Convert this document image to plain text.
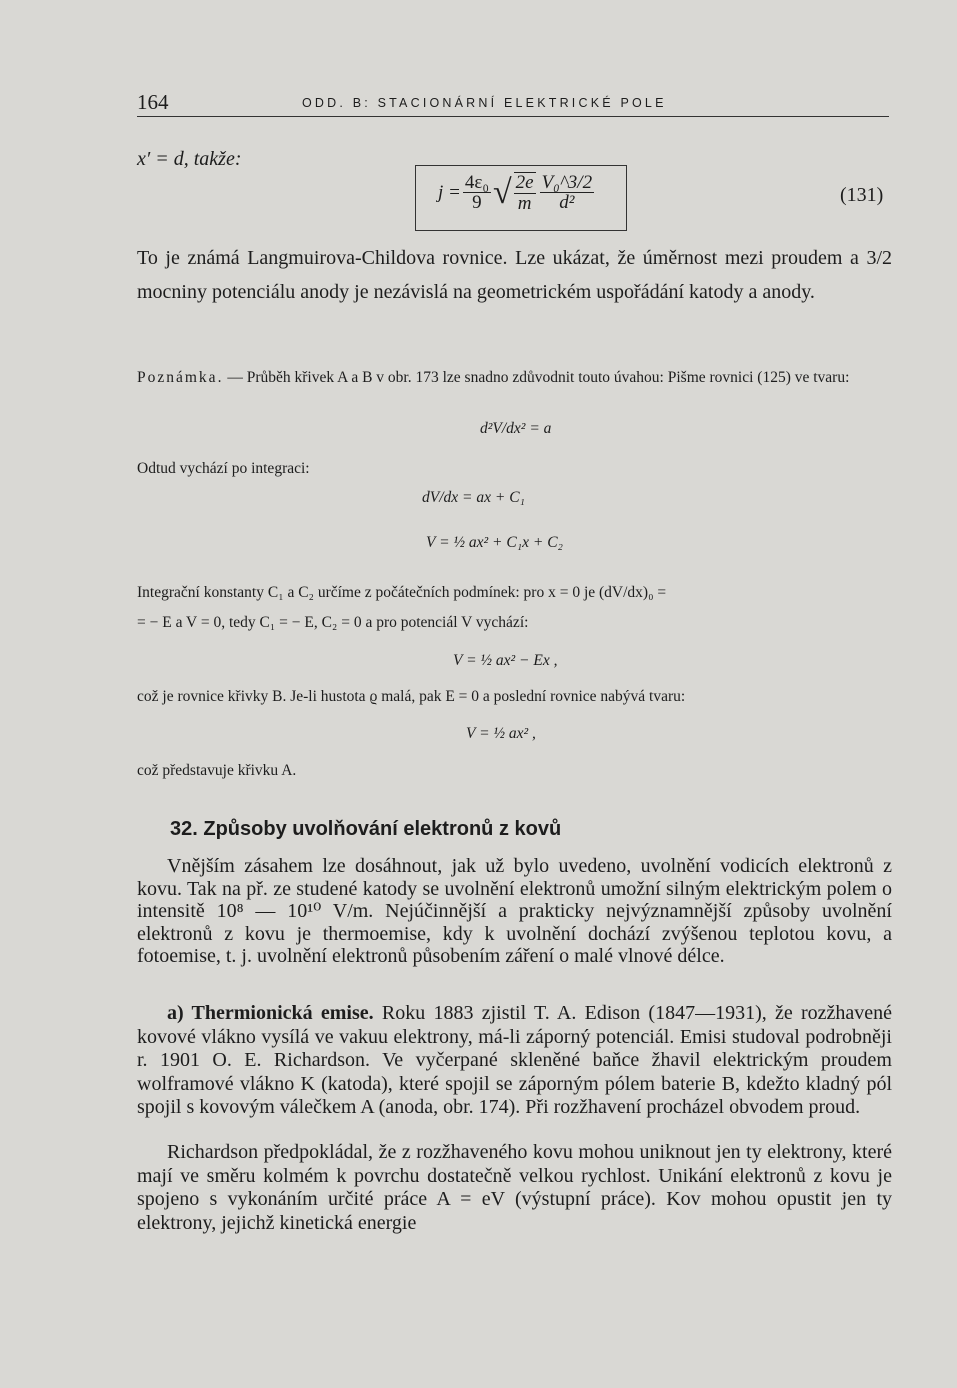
164	ODD. B: STACIONÁRNÍ ELEKTRICKÉ POLE
x′ = d, takže:
$j = \frac{\text{4ε₀}}{9}$ √ $\frac{2e}{m} \frac{\text{V₀\textasciicircum{}3/2}}{\text{d²}}$	(131)
To je známá Langmuirova-Childova rovnice. Lze ukázat, že úměrnost mezi proudem a 3/2 mocniny potenciálu anody je nezávislá na geometrickém uspořádání katody a anody.
Poznámka. — Průběh křivek A a B v obr. 173 lze snadno zdůvodnit touto úvahou: Pišme rovnici (125) ve tvaru:
d²V/dx² = a
Odtud vychází po integraci:
dV/dx = ax + C₁
V = ½ ax² + C₁x + C₂
Integrační konstanty C₁ a C₂ určíme z počátečních podmínek: pro x = 0 je (dV/dx)₀ =
= − E a V = 0, tedy C₁ = − E, C₂ = 0 a pro potenciál V vychází:
V = ½ ax² − Ex ,
což je rovnice křivky B. Je-li hustota ϱ malá, pak E = 0 a poslední rovnice nabývá tvaru:
V = ½ ax² ,
což představuje křivku A.
32. Způsoby uvolňování elektronů z kovů
Vnějším zásahem lze dosáhnout, jak už bylo uvedeno, uvolnění vodicích elektronů z kovu. Tak na př. ze studené katody se uvolnění elektronů umožní silným elektrickým polem o intensitě 10⁸ — 10¹⁰ V/m. Nejúčinnější a prakticky nejvýznamnější způsoby uvolnění elektronů z kovu je thermoemise, kdy k uvolnění dochází zvýšenou teplotou kovu, a fotoemise, t. j. uvolnění elektronů působením záření o malé vlnové délce.
a) Thermionická emise. Roku 1883 zjistil T. A. Edison (1847—1931), že rozžhavené kovové vlákno vysílá ve vakuu elektrony, má-li záporný potenciál. Emisi studoval podrobněji r. 1901 O. E. Richardson. Ve vyčerpané skleněné baňce žhavil elektrickým proudem wolframové vlákno K (katoda), které spojil se záporným pólem baterie B, kdežto kladný pól spojil s kovovým válečkem A (anoda, obr. 174). Při rozžhavení procházel obvodem proud.
Richardson předpokládal, že z rozžhaveného kovu mohou uniknout jen ty elektrony, které mají ve směru kolmém k povrchu dostatečně velkou rychlost. Unikání elektronů z kovu je spojeno s vykonáním určité práce A = eV (výstupní práce). Kov mohou opustit jen ty elektrony, jejichž kinetická energie
